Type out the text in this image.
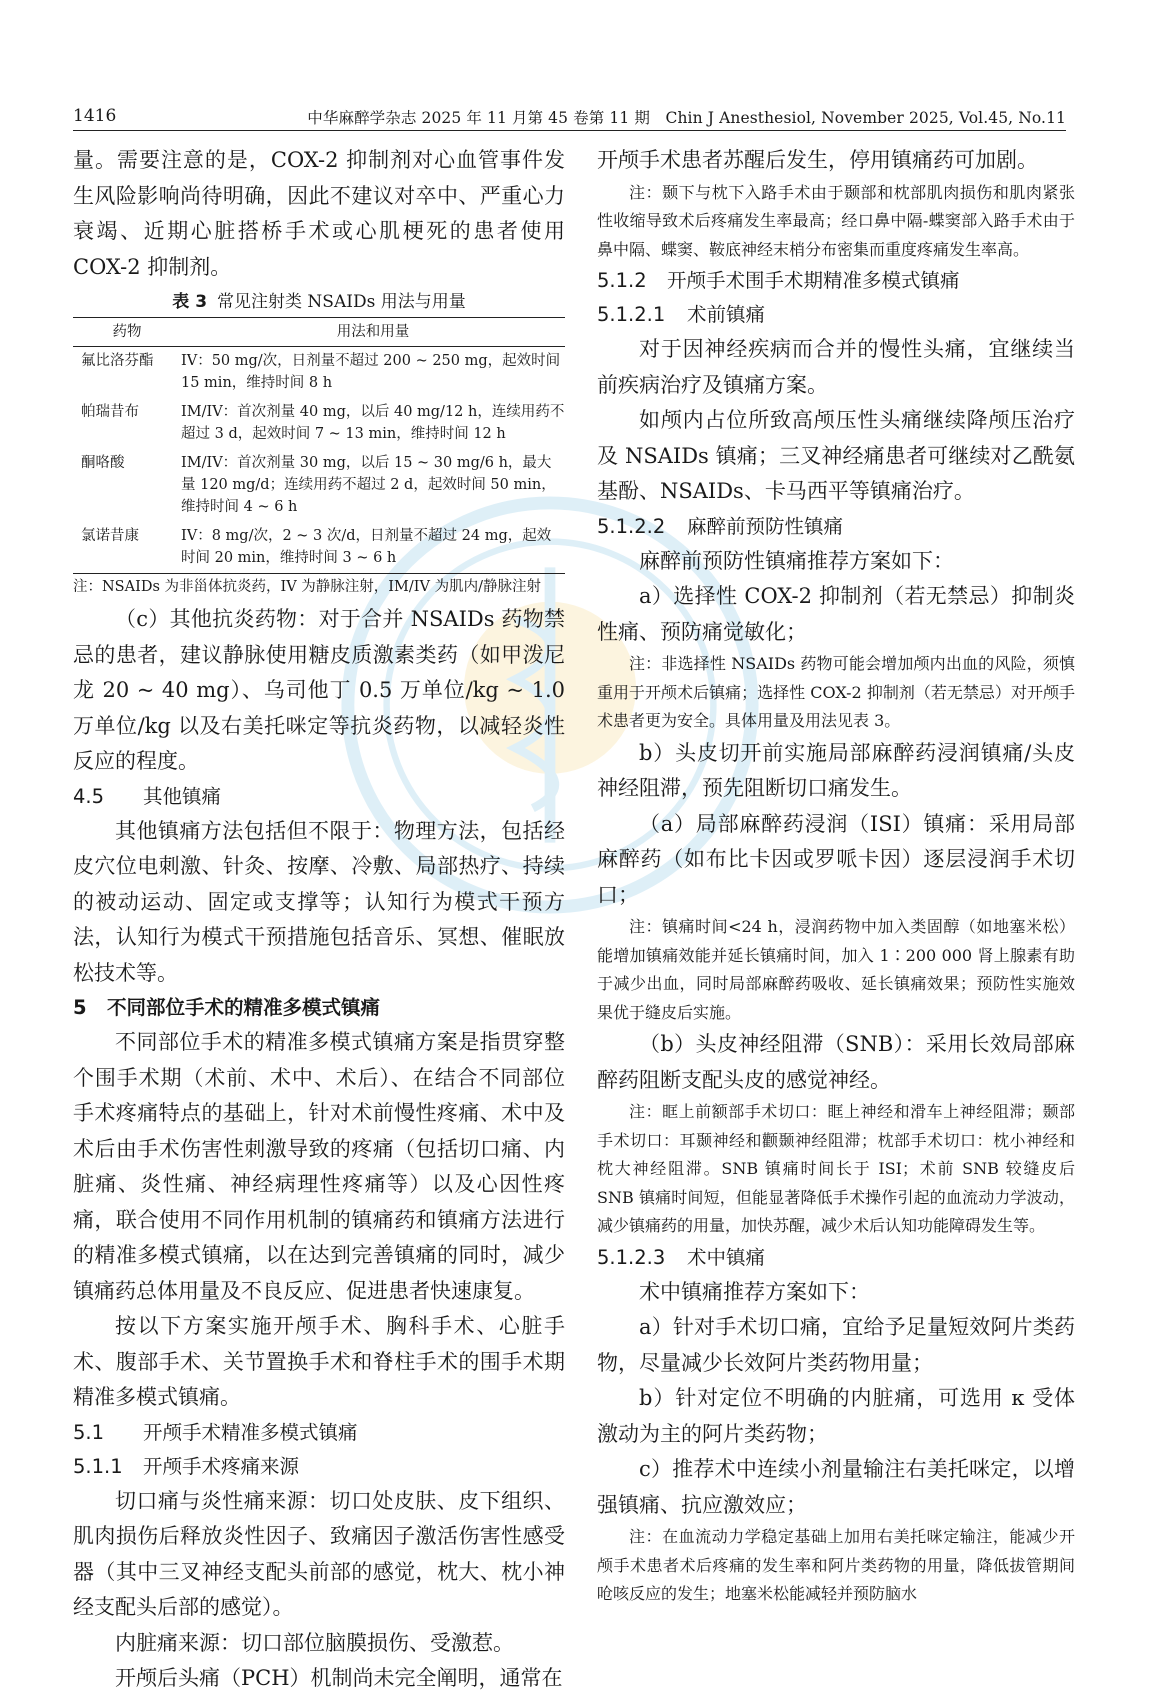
1416	中华麻醉学杂志 2025 年 11 月第 45 卷第 11 期　Chin J Anesthesiol, November 2025, Vol.45, No.11

量。需要注意的是，COX-2 抑制剂对心血管事件发生风险影响尚待明确，因此不建议对卒中、严重心力衰竭、近期心脏搭桥手术或心肌梗死的患者使用 COX-2 抑制剂。

表 3 常见注射类 NSAIDs 用法与用量
药物	用法和用量
氟比洛芬酯	IV：50 mg/次，日剂量不超过 200 ~ 250 mg，起效时间 15 min，维持时间 8 h
帕瑞昔布	IM/IV：首次剂量 40 mg，以后 40 mg/12 h，连续用药不超过 3 d，起效时间 7 ~ 13 min，维持时间 12 h
酮咯酸	IM/IV：首次剂量 30 mg，以后 15 ~ 30 mg/6 h，最大量 120 mg/d；连续用药不超过 2 d，起效时间 50 min，维持时间 4 ~ 6 h
氯诺昔康	IV：8 mg/次，2 ~ 3 次/d，日剂量不超过 24 mg，起效时间 20 min，维持时间 3 ~ 6 h

注：NSAIDs 为非甾体抗炎药，IV 为静脉注射，IM/IV 为肌内/静脉注射

（c）其他抗炎药物：对于合并 NSAIDs 药物禁忌的患者，建议静脉使用糖皮质激素类药（如甲泼尼龙 20 ~ 40 mg）、乌司他丁 0.5 万单位/kg ~ 1.0 万单位/kg 以及右美托咪定等抗炎药物，以减轻炎性反应的程度。

4.5 其他镇痛

其他镇痛方法包括但不限于：物理方法，包括经皮穴位电刺激、针灸、按摩、冷敷、局部热疗、持续的被动运动、固定或支撑等；认知行为模式干预方法，认知行为模式干预措施包括音乐、冥想、催眠放松技术等。

5 不同部位手术的精准多模式镇痛

不同部位手术的精准多模式镇痛方案是指贯穿整个围手术期（术前、术中、术后）、在结合不同部位手术疼痛特点的基础上，针对术前慢性疼痛、术中及术后由手术伤害性刺激导致的疼痛（包括切口痛、内脏痛、炎性痛、神经病理性疼痛等）以及心因性疼痛，联合使用不同作用机制的镇痛药和镇痛方法进行的精准多模式镇痛，以在达到完善镇痛的同时，减少镇痛药总体用量及不良反应、促进患者快速康复。

按以下方案实施开颅手术、胸科手术、心脏手术、腹部手术、关节置换手术和脊柱手术的围手术期精准多模式镇痛。

5.1 开颅手术精准多模式镇痛

5.1.1 开颅手术疼痛来源

切口痛与炎性痛来源：切口处皮肤、皮下组织、肌肉损伤后释放炎性因子、致痛因子激活伤害性感受器（其中三叉神经支配头前部的感觉，枕大、枕小神经支配头后部的感觉）。

内脏痛来源：切口部位脑膜损伤、受激惹。

开颅后头痛（PCH）机制尚未完全阐明，通常在

开颅手术患者苏醒后发生，停用镇痛药可加剧。

注：颞下与枕下入路手术由于颞部和枕部肌肉损伤和肌肉紧张性收缩导致术后疼痛发生率最高；经口鼻中隔-蝶窦部入路手术由于鼻中隔、蝶窦、鞍底神经末梢分布密集而重度疼痛发生率高。

5.1.2 开颅手术围手术期精准多模式镇痛

5.1.2.1 术前镇痛

对于因神经疾病而合并的慢性头痛，宜继续当前疾病治疗及镇痛方案。

如颅内占位所致高颅压性头痛继续降颅压治疗及 NSAIDs 镇痛；三叉神经痛患者可继续对乙酰氨基酚、NSAIDs、卡马西平等镇痛治疗。

5.1.2.2 麻醉前预防性镇痛

麻醉前预防性镇痛推荐方案如下：

a）选择性 COX-2 抑制剂（若无禁忌）抑制炎性痛、预防痛觉敏化；

注：非选择性 NSAIDs 药物可能会增加颅内出血的风险，须慎重用于开颅术后镇痛；选择性 COX-2 抑制剂（若无禁忌）对开颅手术患者更为安全。具体用量及用法见表 3。

b）头皮切开前实施局部麻醉药浸润镇痛/头皮神经阻滞，预先阻断切口痛发生。

（a）局部麻醉药浸润（ISI）镇痛：采用局部麻醉药（如布比卡因或罗哌卡因）逐层浸润手术切口；

注：镇痛时间<24 h，浸润药物中加入类固醇（如地塞米松）能增加镇痛效能并延长镇痛时间，加入 1∶200 000 肾上腺素有助于减少出血，同时局部麻醉药吸收、延长镇痛效果；预防性实施效果优于缝皮后实施。

（b）头皮神经阻滞（SNB）：采用长效局部麻醉药阻断支配头皮的感觉神经。

注：眶上前额部手术切口：眶上神经和滑车上神经阻滞；颞部手术切口：耳颞神经和颧颞神经阻滞；枕部手术切口：枕小神经和枕大神经阻滞。SNB 镇痛时间长于 ISI；术前 SNB 较缝皮后 SNB 镇痛时间短，但能显著降低手术操作引起的血流动力学波动，减少镇痛药的用量，加快苏醒，减少术后认知功能障碍发生等。

5.1.2.3 术中镇痛

术中镇痛推荐方案如下：

a）针对手术切口痛，宜给予足量短效阿片类药物，尽量减少长效阿片类药物用量；

b）针对定位不明确的内脏痛，可选用 κ 受体激动为主的阿片类药物；

c）推荐术中连续小剂量输注右美托咪定，以增强镇痛、抗应激效应；

注：在血流动力学稳定基础上加用右美托咪定输注，能减少开颅手术患者术后疼痛的发生率和阿片类药物的用量，降低拔管期间呛咳反应的发生；地塞米松能减轻并预防脑水
